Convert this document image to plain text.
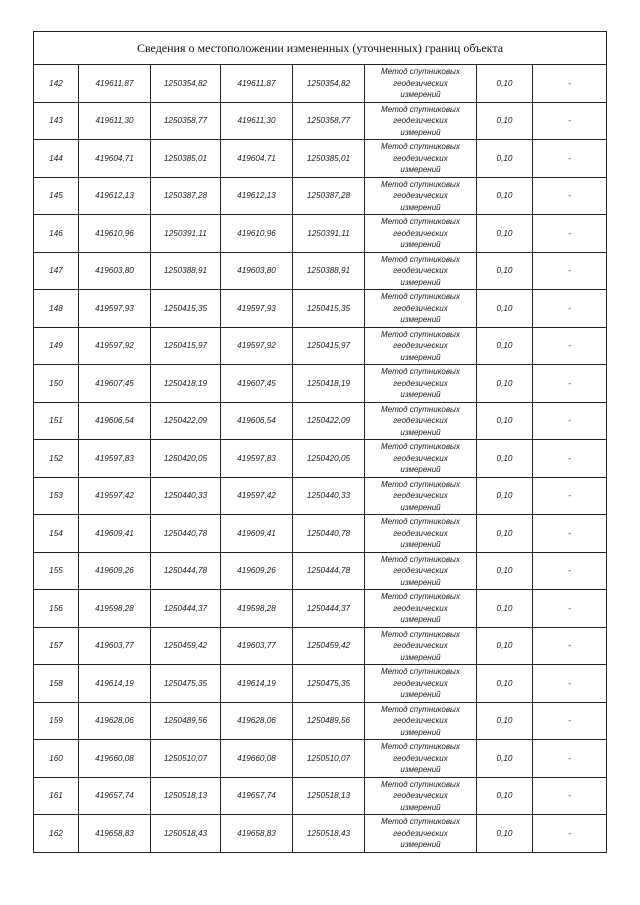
Сведения о местоположении измененных (уточненных) границ объекта							
142	419611,87	1250354,82	419611,87	1250354,82	Метод спутниковых
геодезических
измерений	0,10	-
143	419611,30	1250358,77	419611,30	1250358,77	Метод спутниковых
геодезических
измерений	0,10	-
144	419604,71	1250385,01	419604,71	1250385,01	Метод спутниковых
геодезических
измерений	0,10	-
145	419612,13	1250387,28	419612,13	1250387,28	Метод спутниковых
геодезических
измерений	0,10	-
146	419610,96	1250391,11	419610,96	1250391,11	Метод спутниковых
геодезических
измерений	0,10	-
147	419603,80	1250388,91	419603,80	1250388,91	Метод спутниковых
геодезических
измерений	0,10	-
148	419597,93	1250415,35	419597,93	1250415,35	Метод спутниковых
геодезических
измерений	0,10	-
149	419597,92	1250415,97	419597,92	1250415,97	Метод спутниковых
геодезических
измерений	0,10	-
150	419607,45	1250418,19	419607,45	1250418,19	Метод спутниковых
геодезических
измерений	0,10	-
151	419606,54	1250422,09	419606,54	1250422,09	Метод спутниковых
геодезических
измерений	0,10	-
152	419597,83	1250420,05	419597,83	1250420,05	Метод спутниковых
геодезических
измерений	0,10	-
153	419597,42	1250440,33	419597,42	1250440,33	Метод спутниковых
геодезических
измерений	0,10	-
154	419609,41	1250440,78	419609,41	1250440,78	Метод спутниковых
геодезических
измерений	0,10	-
155	419609,26	1250444,78	419609,26	1250444,78	Метод спутниковых
геодезических
измерений	0,10	-
156	419598,28	1250444,37	419598,28	1250444,37	Метод спутниковых
геодезических
измерений	0,10	-
157	419603,77	1250459,42	419603,77	1250459,42	Метод спутниковых
геодезических
измерений	0,10	-
158	419614,19	1250475,35	419614,19	1250475,35	Метод спутниковых
геодезических
измерений	0,10	-
159	419628,06	1250489,56	419628,06	1250489,56	Метод спутниковых
геодезических
измерений	0,10	-
160	419660,08	1250510,07	419660,08	1250510,07	Метод спутниковых
геодезических
измерений	0,10	-
161	419657,74	1250518,13	419657,74	1250518,13	Метод спутниковых
геодезических
измерений	0,10	-
162	419658,83	1250518,43	419658,83	1250518,43	Метод спутниковых
геодезических
измерений	0,10	-
